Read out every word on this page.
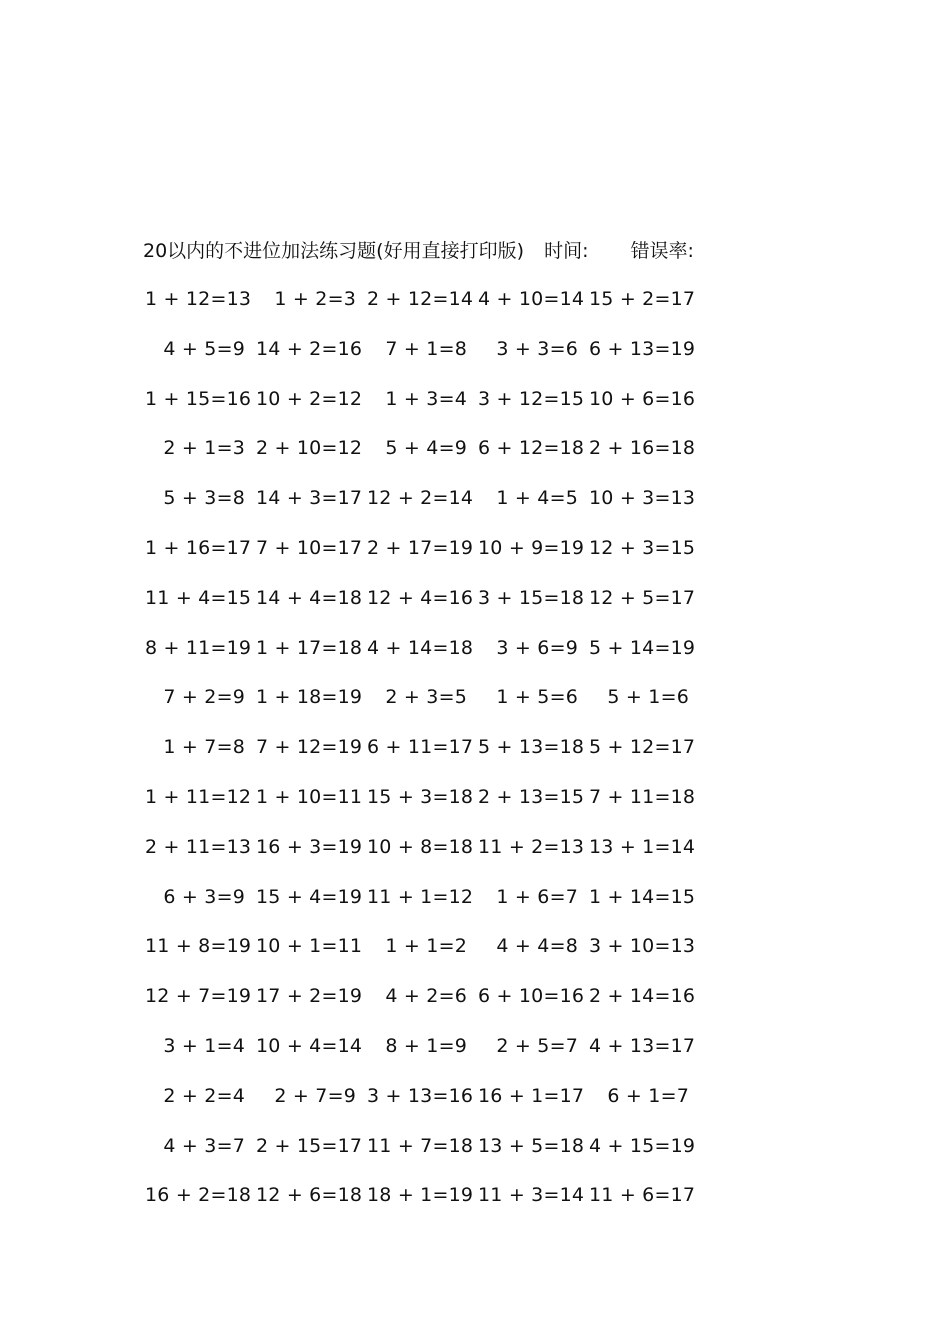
20以内的不进位加法练习题(好用直接打印版) 时间: 错误率:
1 + 12=13	1 + 2=3 2 + 12=14 4 + 10=14 15 + 2=17
4 + 5=9 14 + 2=16	7 + 1=8	3 + 3=6 6 + 13=19
1 + 15=16 10 + 2=12	1 + 3=4 3 + 12=15 10 + 6=16
2 + 1=3 2 + 10=12	5 + 4=9 6 + 12=18 2 + 16=18
5 + 3=8 14 + 3=17 12 + 2=14	1 + 4=5 10 + 3=13
1 + 16=17 7 + 10=17 2 + 17=19 10 + 9=19 12 + 3=15
11 + 4=15 14 + 4=18 12 + 4=16 3 + 15=18 12 + 5=17
8 + 11=19 1 + 17=18 4 + 14=18	3 + 6=9 5 + 14=19
7 + 2=9 1 + 18=19	2 + 3=5	1 + 5=6	5 + 1=6
1 + 7=8 7 + 12=19 6 + 11=17 5 + 13=18 5 + 12=17
1 + 11=12 1 + 10=11 15 + 3=18 2 + 13=15 7 + 11=18
2 + 11=13 16 + 3=19 10 + 8=18 11 + 2=13 13 + 1=14
6 + 3=9 15 + 4=19 11 + 1=12	1 + 6=7 1 + 14=15
11 + 8=19 10 + 1=11	1 + 1=2	4 + 4=8 3 + 10=13
12 + 7=19 17 + 2=19	4 + 2=6 6 + 10=16 2 + 14=16
3 + 1=4 10 + 4=14	8 + 1=9	2 + 5=7 4 + 13=17
2 + 2=4	2 + 7=9 3 + 13=16 16 + 1=17	6 + 1=7
4 + 3=7 2 + 15=17 11 + 7=18 13 + 5=18 4 + 15=19
16 + 2=18 12 + 6=18 18 + 1=19 11 + 3=14 11 + 6=17
